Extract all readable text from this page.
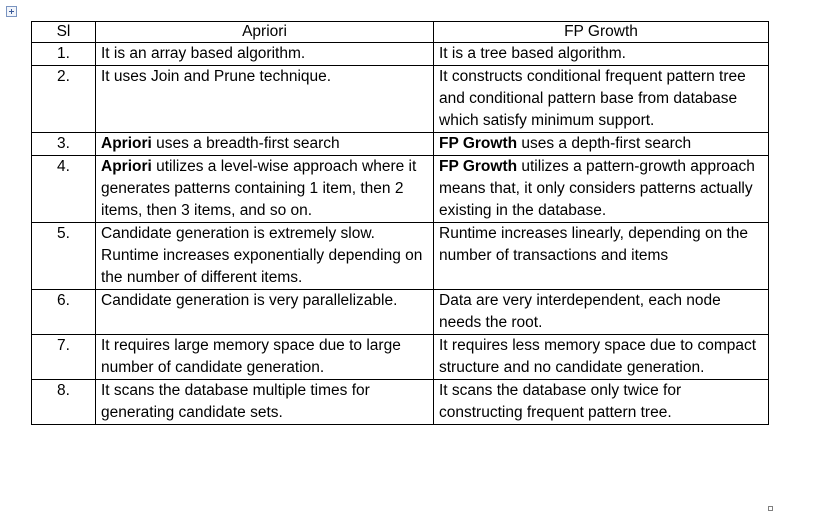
Sl	Apriori	FP Growth
1.	It is an array based algorithm.	It is a tree based algorithm.
2.	It uses Join and Prune technique.	It constructs conditional frequent pattern tree and conditional pattern base from database which satisfy minimum support.
3.	Apriori uses a breadth-first search	FP Growth uses a depth-first search
4.	Apriori utilizes a level-wise approach where it generates patterns containing 1 item, then 2 items, then 3 items, and so on.	FP Growth utilizes a pattern-growth approach means that, it only considers patterns actually existing in the database.
5.	Candidate generation is extremely slow. Runtime increases exponentially depending on the number of different items.	Runtime increases linearly, depending on the number of transactions and items
6.	Candidate generation is very parallelizable.	Data are very interdependent, each node needs the root.
7.	It requires large memory space due to large number of candidate generation.	It requires less memory space due to compact structure and no candidate generation.
8.	It scans the database multiple times for generating candidate sets.	It scans the database only twice for constructing frequent pattern tree.
